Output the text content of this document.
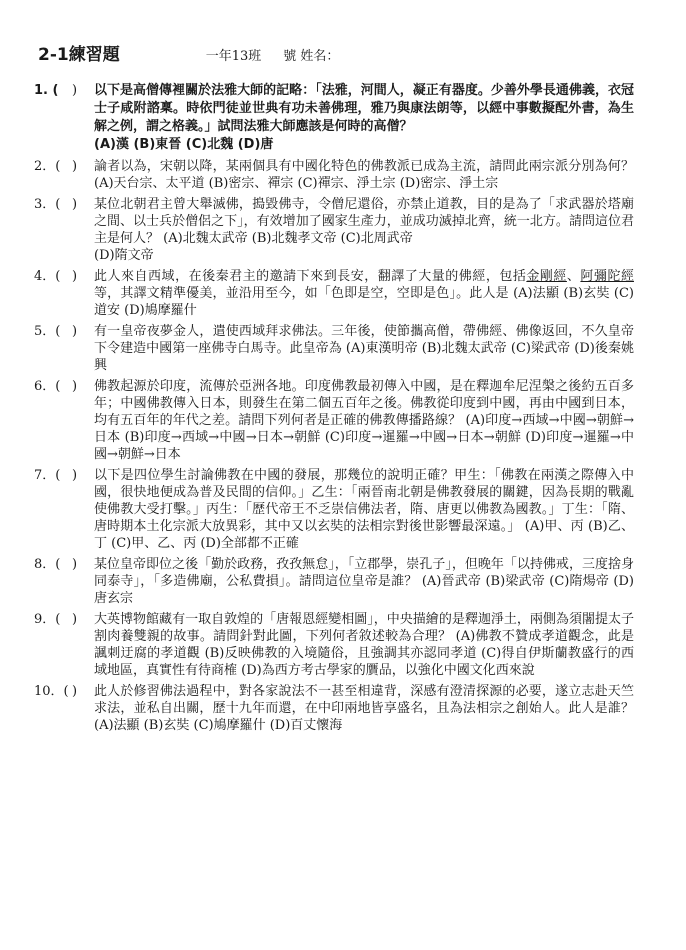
2-1練習題	一年13班 號 姓名：
1. (	)	以下是高僧傳裡關於法雅大師的記略：「法雅，河間人，凝正有器度。少善外學長通佛義，衣冠士子咸附諮稟。時依門徒並世典有功未善佛理，雅乃與康法朗等，以經中事數擬配外書，為生解之例，謂之格義。」試問法雅大師應該是何時的高僧？
(A)漢 (B)東晉 (C)北魏 (D)唐
2．( )	論者以為，宋朝以降，某兩個具有中國化特色的佛教派已成為主流，請問此兩宗派分別為何？ (A)天台宗、太平道 (B)密宗、禪宗 (C)禪宗、淨土宗 (D)密宗、淨土宗
3．( )	某位北朝君主曾大舉滅佛，搗毀佛寺，令僧尼還俗，亦禁止道教，目的是為了「求武器於塔廟之間、以士兵於僧侶之下」，有效增加了國家生產力，並成功滅掉北齊，統一北方。請問這位君主是何人？ (A)北魏太武帝 (B)北魏孝文帝 (C)北周武帝
(D)隋文帝
4．( )	此人來自西域，在後秦君主的邀請下來到長安，翻譯了大量的佛經，包括金剛經、阿彌陀經等，其譯文精準優美，並沿用至今，如「色即是空，空即是色」。此人是 (A)法顯 (B)玄奘 (C)道安 (D)鳩摩羅什
5．( )	有一皇帝夜夢金人，遣使西域拜求佛法。三年後，使節攜高僧，帶佛經、佛像返回，不久皇帝下令建造中國第一座佛寺白馬寺。此皇帝為 (A)東漢明帝 (B)北魏太武帝 (C)梁武帝 (D)後秦姚興
6．( )	佛教起源於印度，流傳於亞洲各地。印度佛教最初傳入中國，是在釋迦牟尼涅槃之後約五百多年；中國佛教傳入日本，則發生在第二個五百年之後。佛教從印度到中國，再由中國到日本，均有五百年的年代之差。請問下列何者是正確的佛教傳播路線？ (A)印度→西域→中國→朝鮮→日本 (B)印度→西域→中國→日本→朝鮮 (C)印度→暹羅→中國→日本→朝鮮 (D)印度→暹羅→中國→朝鮮→日本
7．( )	以下是四位學生討論佛教在中國的發展，那幾位的說明正確？甲生：「佛教在兩漢之際傳入中國，很快地便成為普及民間的信仰。」乙生：「兩晉南北朝是佛教發展的關鍵，因為長期的戰亂使佛教大受打擊。」丙生：「歷代帝王不乏崇信佛法者，隋、唐更以佛教為國教。」丁生：「隋、唐時期本土化宗派大放異彩，其中又以玄奘的法相宗對後世影響最深遠。」 (A)甲、丙 (B)乙、丁 (C)甲、乙、丙 (D)全部都不正確
8．( )	某位皇帝即位之後「勤於政務，孜孜無怠」，「立郡學，崇孔子」，但晚年「以持佛戒，三度捨身同泰寺」，「多造佛廟，公私費損」。請問這位皇帝是誰？ (A)晉武帝 (B)梁武帝 (C)隋煬帝 (D)唐玄宗
9．( )	大英博物館藏有一取自敦煌的「唐報恩經變相圖」，中央描繪的是釋迦淨土，兩側為須闍提太子割肉養雙親的故事。請問針對此圖，下列何者敘述較為合理？ (A)佛教不贊成孝道觀念，此是諷刺迂腐的孝道觀 (B)反映佛教的入境隨俗，且強調其亦認同孝道 (C)得自伊斯蘭教盛行的西域地區，真實性有待商榷 (D)為西方考古學家的贋品，以強化中國文化西來說
10．( )	此人於修習佛法過程中，對各家說法不一甚至相違背，深感有澄清探源的必要，遂立志赴天竺求法，並私自出關，歷十九年而還，在中印兩地皆享盛名，且為法相宗之創始人。此人是誰？ (A)法顯 (B)玄奘 (C)鳩摩羅什 (D)百丈懷海
